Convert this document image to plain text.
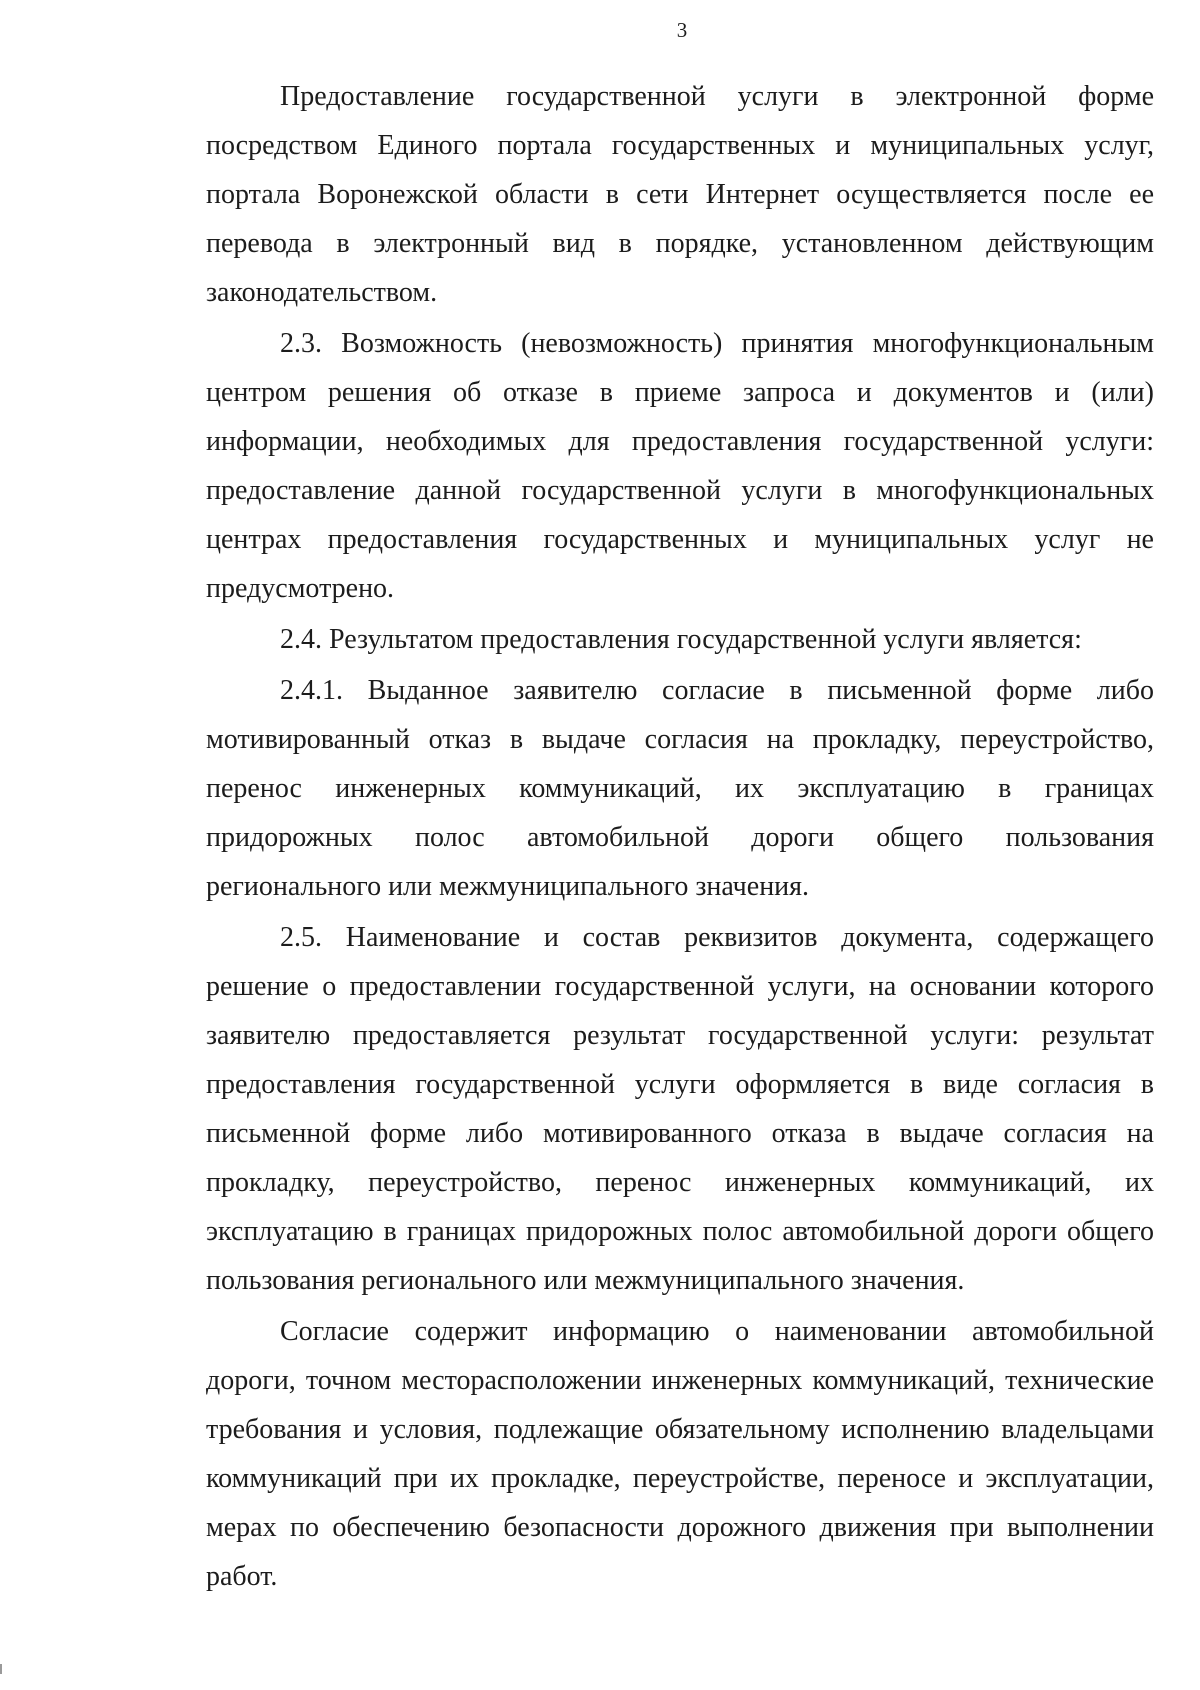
3

Предоставление государственной услуги в электронной форме посредством Единого портала государственных и муниципальных услуг, портала Воронежской области в сети Интернет осуществляется после ее перевода в электронный вид в порядке, установленном действующим законодательством.

2.3. Возможность (невозможность) принятия многофункциональным центром решения об отказе в приеме запроса и документов и (или) информации, необходимых для предоставления государственной услуги: предоставление данной государственной услуги в многофункциональных центрах предоставления государственных и муниципальных услуг не предусмотрено.

2.4. Результатом предоставления государственной услуги является:

2.4.1. Выданное заявителю согласие в письменной форме либо мотивированный отказ в выдаче согласия на прокладку, переустройство, перенос инженерных коммуникаций, их эксплуатацию в границах придорожных полос автомобильной дороги общего пользования регионального или межмуниципального значения.

2.5. Наименование и состав реквизитов документа, содержащего решение о предоставлении государственной услуги, на основании которого заявителю предоставляется результат государственной услуги: результат предоставления государственной услуги оформляется в виде согласия в письменной форме либо мотивированного отказа в выдаче согласия на прокладку, переустройство, перенос инженерных коммуникаций, их эксплуатацию в границах придорожных полос автомобильной дороги общего пользования регионального или межмуниципального значения.

Согласие содержит информацию о наименовании автомобильной дороги, точном месторасположении инженерных коммуникаций, технические требования и условия, подлежащие обязательному исполнению владельцами коммуникаций при их прокладке, переустройстве, переносе и эксплуатации, мерах по обеспечению безопасности дорожного движения при выполнении работ.
